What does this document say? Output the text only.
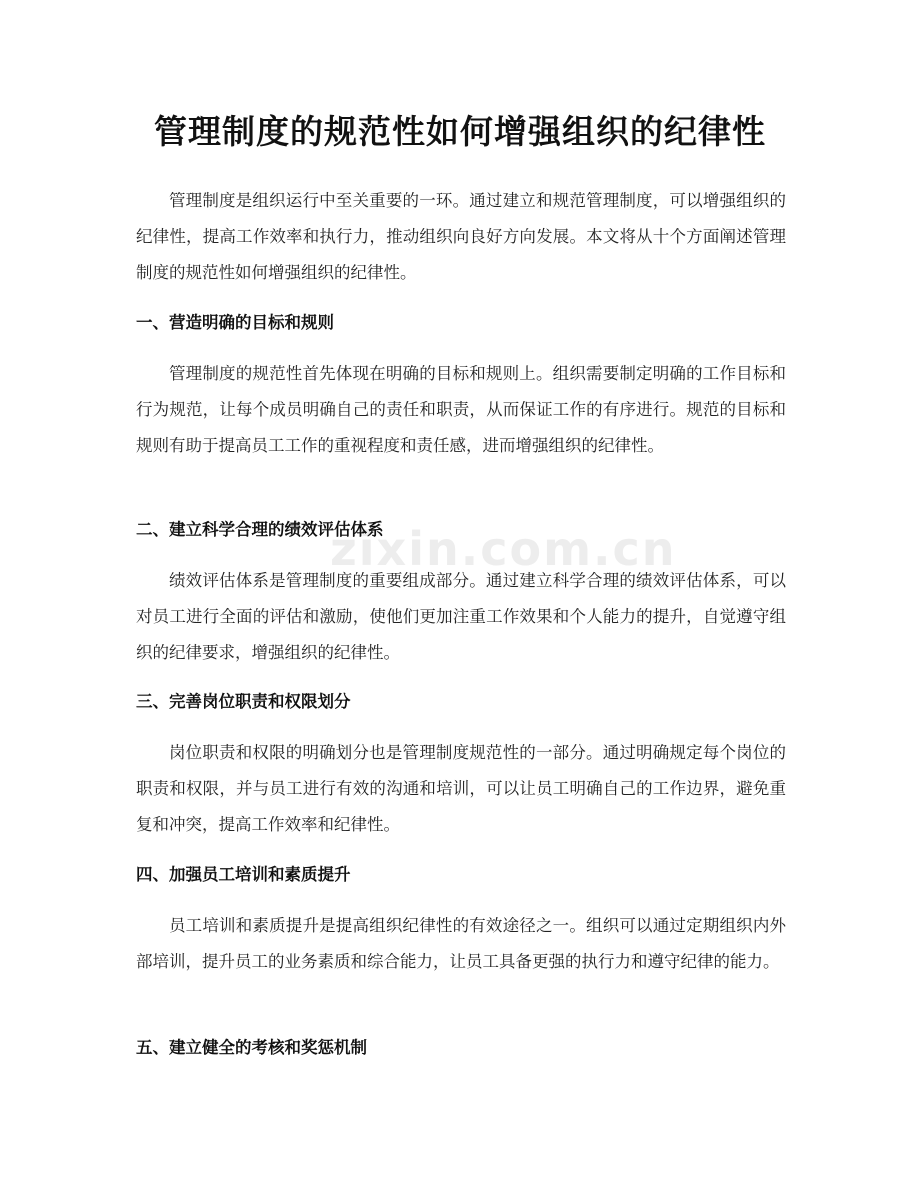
zixin.com.cn
管理制度的规范性如何增强组织的纪律性

管理制度是组织运行中至关重要的一环。通过建立和规范管理制度，可以增强组织的纪律性，提高工作效率和执行力，推动组织向良好方向发展。本文将从十个方面阐述管理制度的规范性如何增强组织的纪律性。

一、营造明确的目标和规则

管理制度的规范性首先体现在明确的目标和规则上。组织需要制定明确的工作目标和行为规范，让每个成员明确自己的责任和职责，从而保证工作的有序进行。规范的目标和规则有助于提高员工工作的重视程度和责任感，进而增强组织的纪律性。

二、建立科学合理的绩效评估体系

绩效评估体系是管理制度的重要组成部分。通过建立科学合理的绩效评估体系，可以对员工进行全面的评估和激励，使他们更加注重工作效果和个人能力的提升，自觉遵守组织的纪律要求，增强组织的纪律性。

三、完善岗位职责和权限划分

岗位职责和权限的明确划分也是管理制度规范性的一部分。通过明确规定每个岗位的职责和权限，并与员工进行有效的沟通和培训，可以让员工明确自己的工作边界，避免重复和冲突，提高工作效率和纪律性。

四、加强员工培训和素质提升

员工培训和素质提升是提高组织纪律性的有效途径之一。组织可以通过定期组织内外部培训，提升员工的业务素质和综合能力，让员工具备更强的执行力和遵守纪律的能力。

五、建立健全的考核和奖惩机制
